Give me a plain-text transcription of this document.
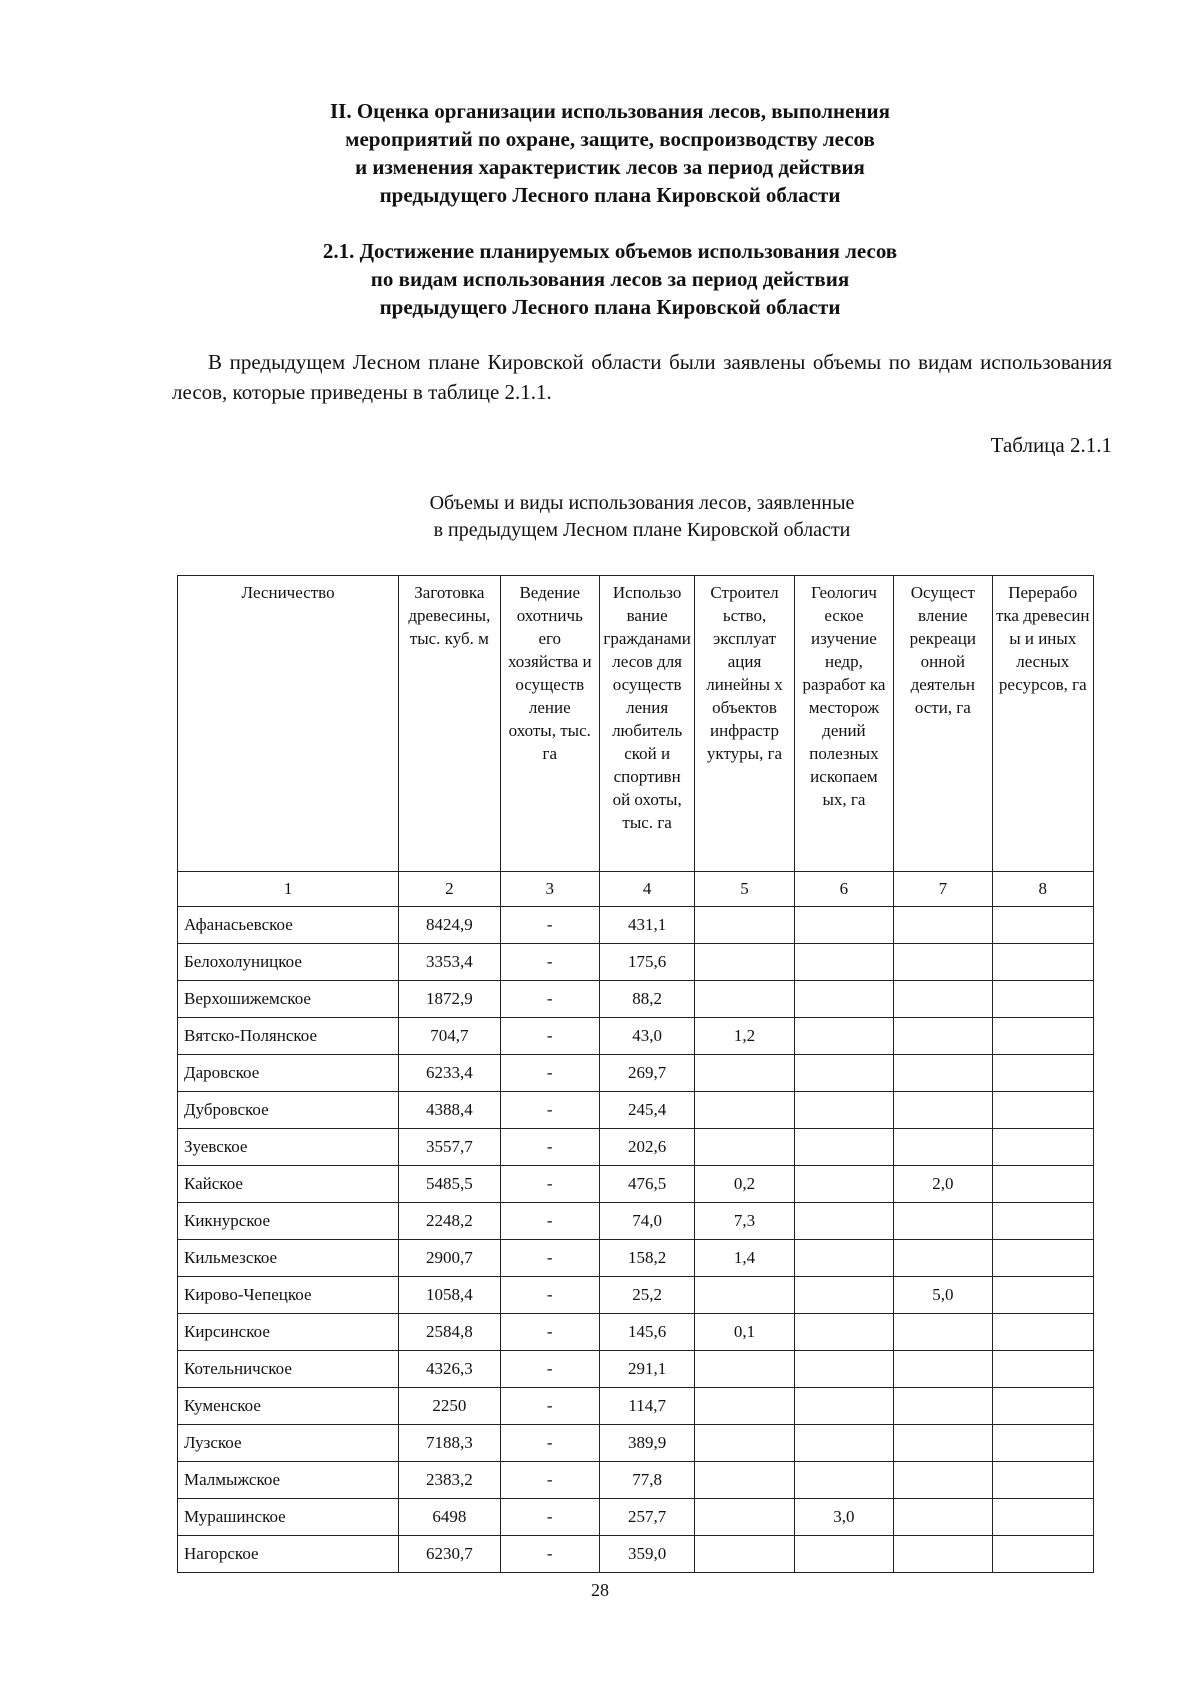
II. Оценка организации использования лесов, выполнения
мероприятий по охране, защите, воспроизводству лесов
и изменения характеристик лесов за период действия
предыдущего Лесного плана Кировской области
2.1. Достижение планируемых объемов использования лесов
по видам использования лесов за период действия
предыдущего Лесного плана Кировской области

В предыдущем Лесном плане Кировской области были заявлены объемы по видам использования лесов, которые приведены в таблице 2.1.1.

Таблица 2.1.1

Объемы и виды использования лесов, заявленные
в предыдущем Лесном плане Кировской области

Лесничество	Заготовка древесины, тыс. куб. м	Ведение охотничь его хозяйства и осуществ ление охоты, тыс. га	Использо вание гражданами лесов для осуществ ления любитель ской и спортивн ой охоты, тыс. га	Строител ьство, эксплуат ация линейны х объектов инфрастр уктуры, га	Геологич еское изучение недр, разработ ка месторож дений полезных ископаем ых, га	Осущест вление рекреаци онной деятельн ости, га	Перерабо тка древесин ы и иных лесных ресурсов, га
1	2	3	4	5	6	7	8
Афанасьевское	8424,9	-	431,1				
Белохолуницкое	3353,4	-	175,6				
Верхошижемское	1872,9	-	88,2				
Вятско-Полянское	704,7	-	43,0	1,2			
Даровское	6233,4	-	269,7				
Дубровское	4388,4	-	245,4				
Зуевское	3557,7	-	202,6				
Кайское	5485,5	-	476,5	0,2		2,0	
Кикнурское	2248,2	-	74,0	7,3			
Кильмезское	2900,7	-	158,2	1,4			
Кирово-Чепецкое	1058,4	-	25,2			5,0	
Кирсинское	2584,8	-	145,6	0,1			
Котельничское	4326,3	-	291,1				
Куменское	2250	-	114,7				
Лузское	7188,3	-	389,9				
Малмыжское	2383,2	-	77,8				
Мурашинское	6498	-	257,7		3,0		
Нагорское	6230,7	-	359,0				

28
